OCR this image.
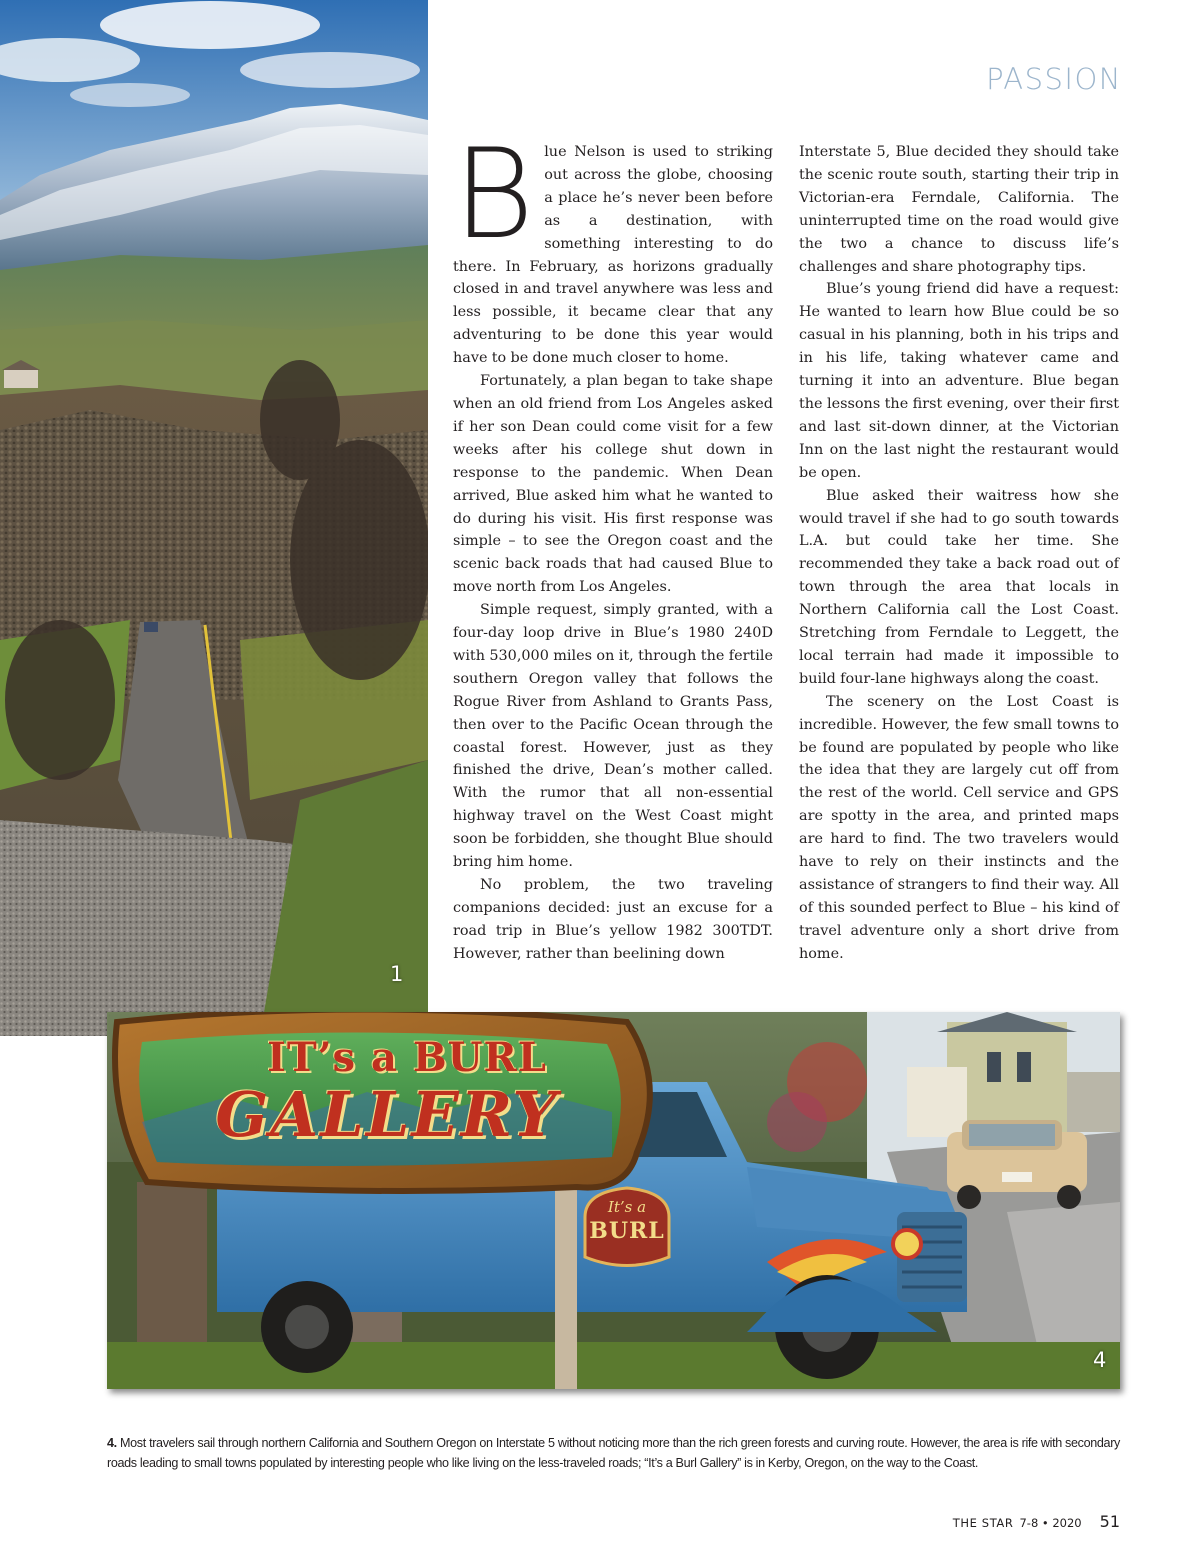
1
PASSION

Blue Nelson is used to striking out across the globe, choosing a place he’s never been before as a destination, with something interesting to do there. In February, as horizons gradually closed in and travel anywhere was less and less possible, it became clear that any adventuring to be done this year would have to be done much closer to home.

Fortunately, a plan began to take shape when an old friend from Los Angeles asked if her son Dean could come visit for a few weeks after his college shut down in response to the pandemic. When Dean arrived, Blue asked him what he wanted to do during his visit. His first response was simple – to see the Oregon coast and the scenic back roads that had caused Blue to move north from Los Angeles.

Simple request, simply granted, with a four-day loop drive in Blue’s 1980 240D with 530,000 miles on it, through the fertile southern Oregon valley that follows the Rogue River from Ashland to Grants Pass, then over to the Pacific Ocean through the coastal forest. However, just as they finished the drive, Dean’s mother called. With the rumor that all non-essential highway travel on the West Coast might soon be forbidden, she thought Blue should bring him home.

No problem, the two traveling companions decided: just an excuse for a road trip in Blue’s yellow 1982 300TDT. However, rather than beelining down

Interstate 5, Blue decided they should take the scenic route south, starting their trip in Victorian-era Ferndale, California. The uninterrupted time on the road would give the two a chance to discuss life’s challenges and share photography tips.

Blue’s young friend did have a request: He wanted to learn how Blue could be so casual in his planning, both in his trips and in his life, taking whatever came and turning it into an adventure. Blue began the lessons the first evening, over their first and last sit-down dinner, at the Victorian Inn on the last night the restaurant would be open.

Blue asked their waitress how she would travel if she had to go south towards L.A. but could take her time. She recommended they take a back road out of town through the area that locals in Northern California call the Lost Coast. Stretching from Ferndale to Leggett, the local terrain had made it impossible to build four-lane highways along the coast.

The scenery on the Lost Coast is incredible. However, the few small towns to be found are populated by people who like the idea that they are largely cut off from the rest of the world. Cell service and GPS are spotty in the area, and printed maps are hard to find. The two travelers would have to rely on their instincts and the assistance of strangers to find their way. All of this sounded perfect to Blue – his kind of travel adventure only a short drive from home.

IT’s a BURL
GALLERY
It’s a
BURL
4
4. Most travelers sail through northern California and Southern Oregon on Interstate 5 without noticing more than the rich green forests and curving route. However, the area is rife with secondary roads leading to small towns populated by interesting people who like living on the less-traveled roads; “It’s a Burl Gallery” is in Kerby, Oregon, on the way to the Coast.
THE STAR 7-8 • 2020 51
